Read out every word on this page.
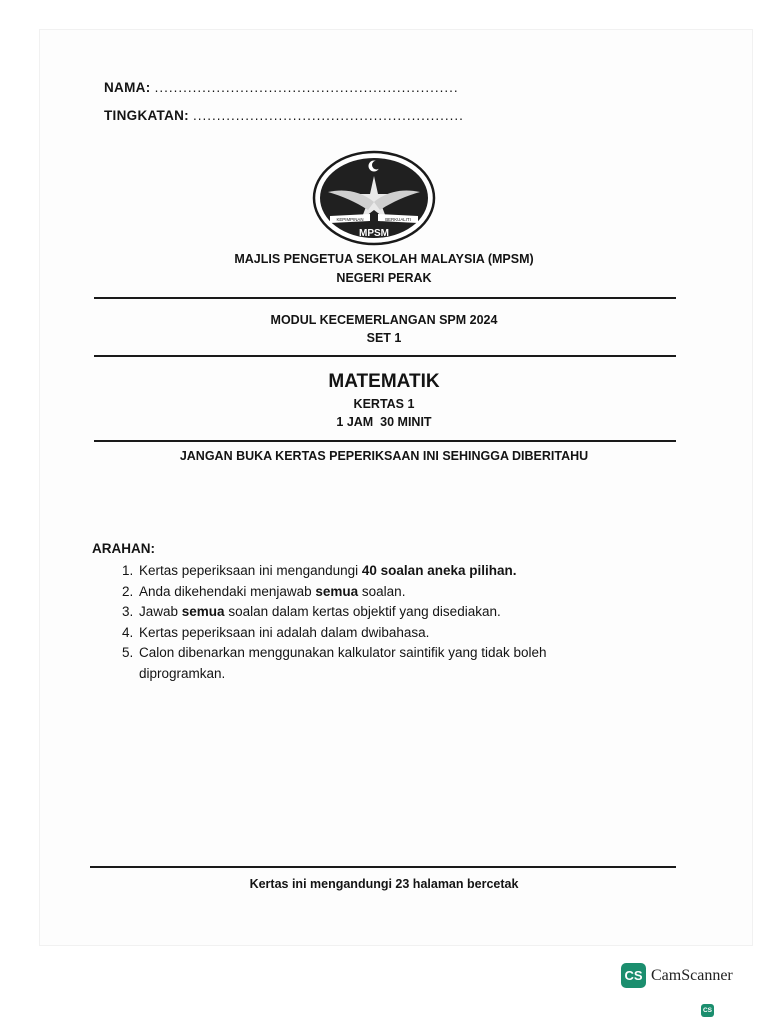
NAMA: ................................................................
TINGKATAN: .........................................................
KEPIMPINAN	BERKUALITI
MPSM
MAJLIS PENGETUA SEKOLAH MALAYSIA (MPSM)
NEGERI PERAK
MODUL KECEMERLANGAN SPM 2024
SET 1
MATEMATIK
KERTAS 1
1 JAM  30 MINIT
JANGAN BUKA KERTAS PEPERIKSAAN INI SEHINGGA DIBERITAHU
ARAHAN:
1. Kertas peperiksaan ini mengandungi 40 soalan aneka pilihan.
2. Anda dikehendaki menjawab semua soalan.
3. Jawab semua soalan dalam kertas objektif yang disediakan.
4. Kertas peperiksaan ini adalah dalam dwibahasa.
5. Calon dibenarkan menggunakan kalkulator saintifik yang tidak boleh diprogramkan.
Kertas ini mengandungi 23 halaman bercetak
CS CamScanner
CS
